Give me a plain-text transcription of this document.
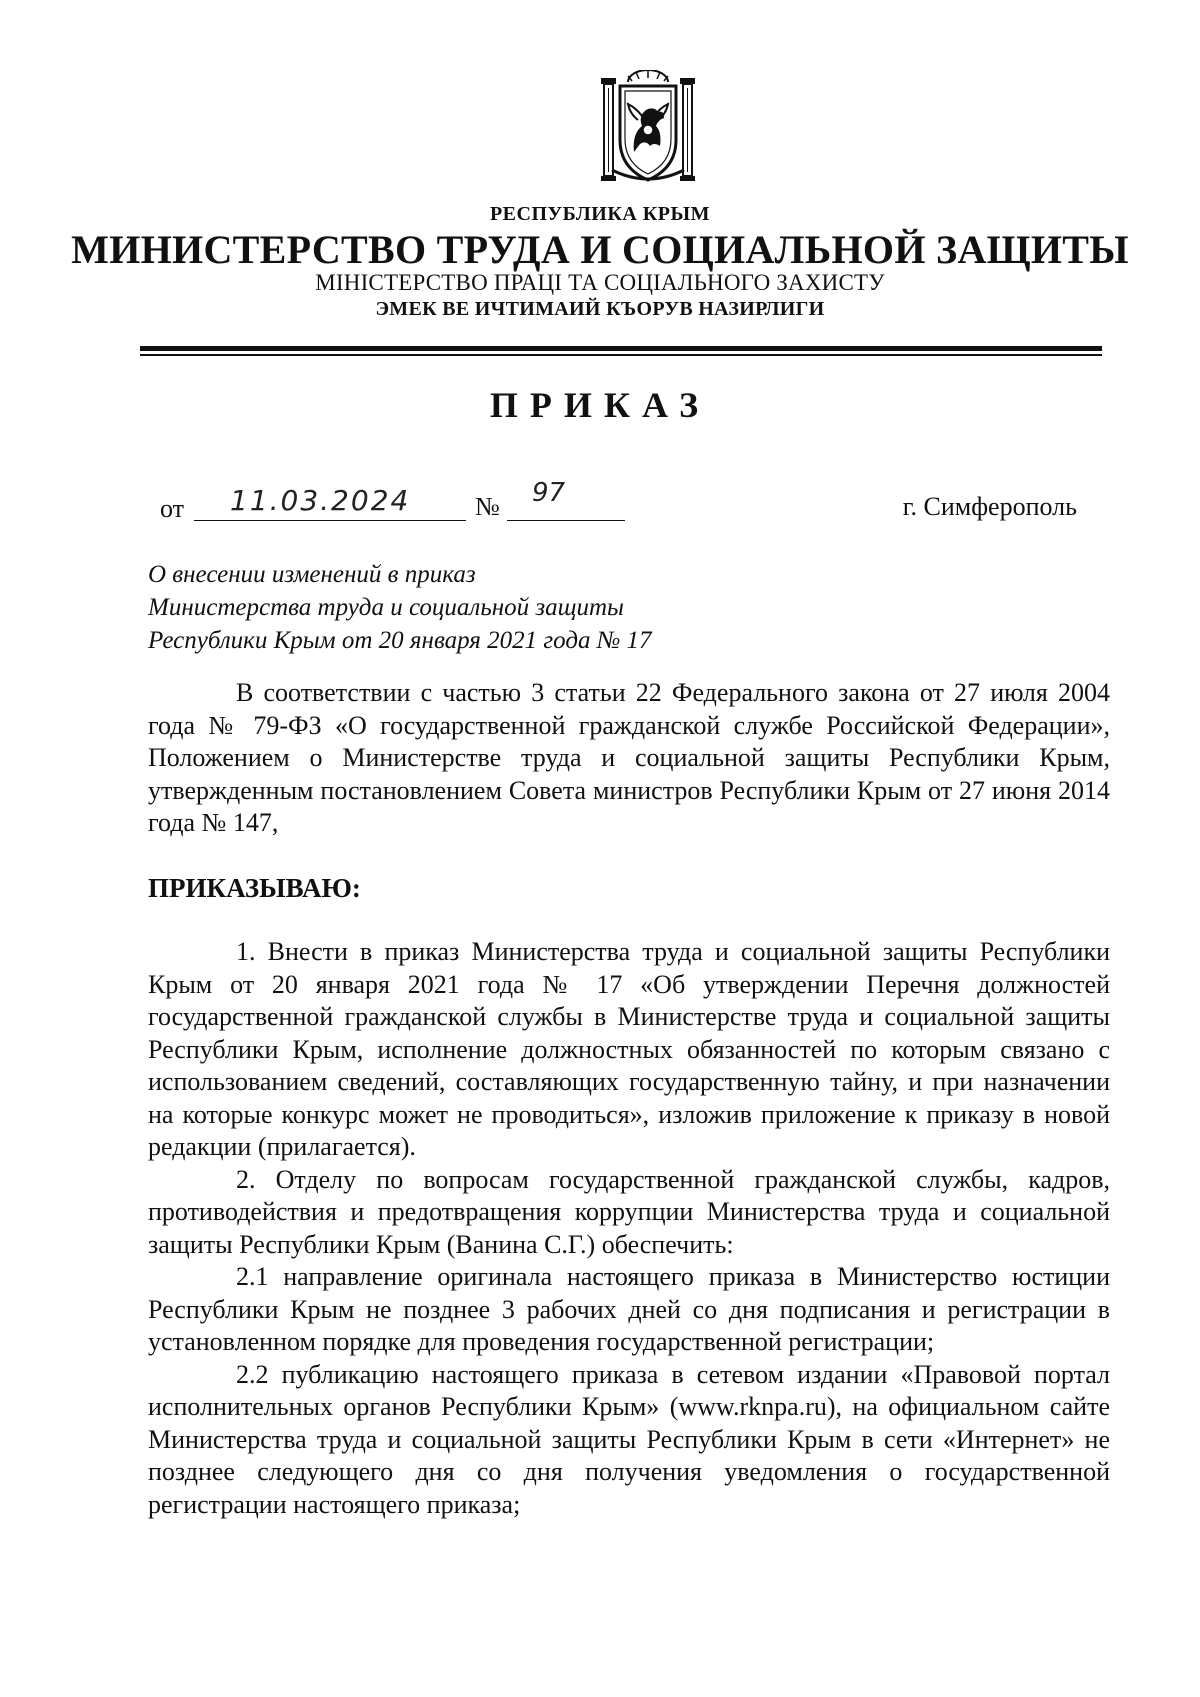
РЕСПУБЛИКА КРЫМ
МИНИСТЕРСТВО ТРУДА И СОЦИАЛЬНОЙ ЗАЩИТЫ
МІНІСТЕРСТВО ПРАЦІ ТА СОЦІАЛЬНОГО ЗАХИСТУ
ЭМЕК ВЕ ИЧТИМАИЙ КЪОРУВ НАЗИРЛИГИ
ПРИКАЗ
от 11.03.2024 № 97	г. Симферополь
О внесении изменений в приказ
Министерства труда и социальной защиты
Республики Крым от 20 января 2021 года № 17

В соответствии с частью 3 статьи 22 Федерального закона от 27 июля 2004 года № 79-ФЗ «О государственной гражданской службе Российской Федерации», Положением о Министерстве труда и социальной защиты Республики Крым, утвержденным постановлением Совета министров Республики Крым от 27 июня 2014 года № 147,

ПРИКАЗЫВАЮ:

1. Внести в приказ Министерства труда и социальной защиты Республики Крым от 20 января 2021 года № 17 «Об утверждении Перечня должностей государственной гражданской службы в Министерстве труда и социальной защиты Республики Крым, исполнение должностных обязанностей по которым связано с использованием сведений, составляющих государственную тайну, и при назначении на которые конкурс может не проводиться», изложив приложение к приказу в новой редакции (прилагается).

2. Отделу по вопросам государственной гражданской службы, кадров, противодействия и предотвращения коррупции Министерства труда и социальной защиты Республики Крым (Ванина С.Г.) обеспечить:

2.1 направление оригинала настоящего приказа в Министерство юстиции Республики Крым не позднее 3 рабочих дней со дня подписания и регистрации в установленном порядке для проведения государственной регистрации;

2.2 публикацию настоящего приказа в сетевом издании «Правовой портал исполнительных органов Республики Крым» (www.rknpa.ru), на официальном сайте Министерства труда и социальной защиты Республики Крым в сети «Интернет» не позднее следующего дня со дня получения уведомления о государственной регистрации настоящего приказа;
